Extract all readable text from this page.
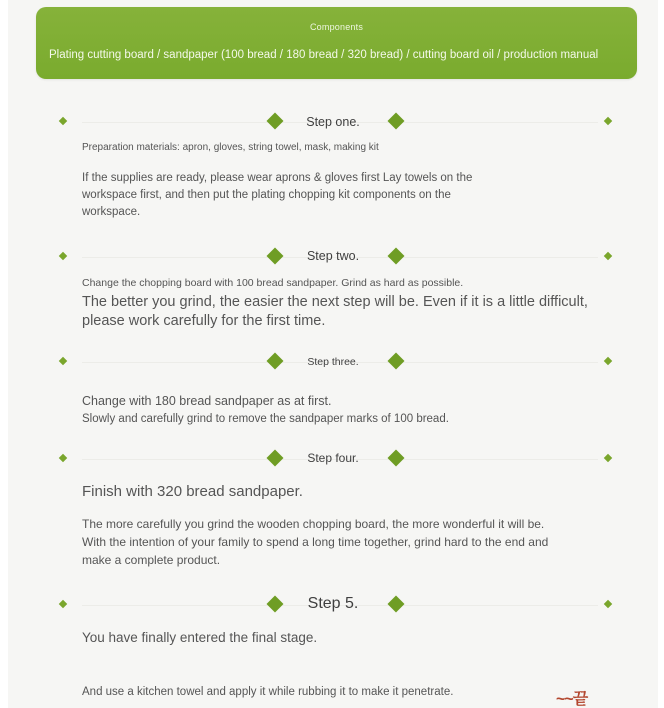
Components
Plating cutting board / sandpaper (100 bread / 180 bread / 320 bread) / cutting board oil / production manual
Step one.
Preparation materials: apron, gloves, string towel, mask, making kit
If the supplies are ready, please wear aprons & gloves first Lay towels on the
workspace first, and then put the plating chopping kit components on the
workspace.
Step two.
Change the chopping board with 100 bread sandpaper. Grind as hard as possible.
The better you grind, the easier the next step will be. Even if it is a little difficult,
please work carefully for the first time.
Step three.
Change with 180 bread sandpaper as at first.
Slowly and carefully grind to remove the sandpaper marks of 100 bread.
Step four.
Finish with 320 bread sandpaper.
The more carefully you grind the wooden chopping board, the more wonderful it will be.
With the intention of your family to spend a long time together, grind hard to the end and
make a complete product.
Step 5.
You have finally entered the final stage.
And use a kitchen towel and apply it while rubbing it to make it penetrate.	~~끝
